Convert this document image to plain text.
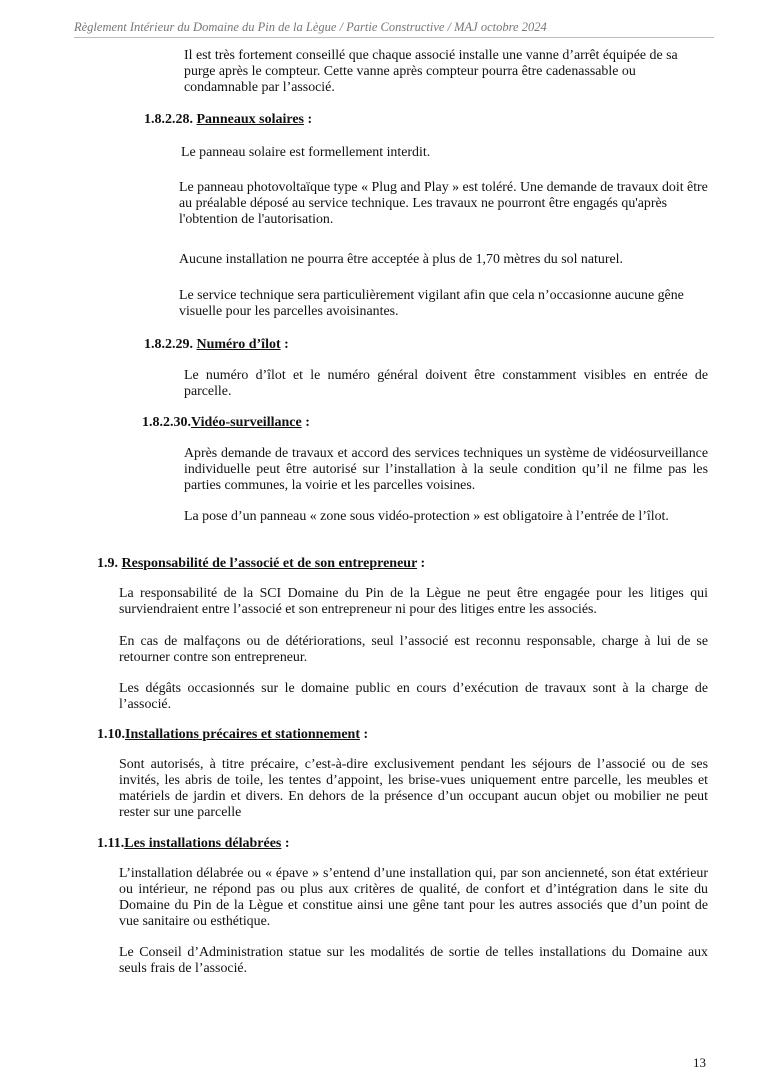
Règlement Intérieur du Domaine du Pin de la Lègue / Partie Constructive / MAJ octobre 2024

Il est très fortement conseillé que chaque associé installe une vanne d’arrêt équipée de sa purge après le compteur. Cette vanne après compteur pourra être cadenassable ou condamnable par l’associé.

1.8.2.28. Panneaux solaires :

Le panneau solaire est formellement interdit.

Le panneau photovoltaïque type « Plug and Play » est toléré. Une demande de travaux doit être au préalable déposé au service technique. Les travaux ne pourront être engagés qu'après l'obtention de l'autorisation.

Aucune installation ne pourra être acceptée à plus de 1,70 mètres du sol naturel.

Le service technique sera particulièrement vigilant afin que cela n’occasionne aucune gêne visuelle pour les parcelles avoisinantes.

1.8.2.29. Numéro d’îlot :

Le numéro d’îlot et le numéro général doivent être constamment visibles en entrée de parcelle.

1.8.2.30.Vidéo-surveillance :

Après demande de travaux et accord des services techniques un système de vidéosurveillance individuelle peut être autorisé sur l’installation à la seule condition qu’il ne filme pas les parties communes, la voirie et les parcelles voisines.

La pose d’un panneau « zone sous vidéo-protection » est obligatoire à l’entrée de l’îlot.

1.9. Responsabilité de l’associé et de son entrepreneur :

La responsabilité de la SCI Domaine du Pin de la Lègue ne peut être engagée pour les litiges qui surviendraient entre l’associé et son entrepreneur ni pour des litiges entre les associés.

En cas de malfaçons ou de détériorations, seul l’associé est reconnu responsable, charge à lui de se retourner contre son entrepreneur.

Les dégâts occasionnés sur le domaine public en cours d’exécution de travaux sont à la charge de l’associé.

1.10.Installations précaires et stationnement :

Sont autorisés, à titre précaire, c’est-à-dire exclusivement pendant les séjours de l’associé ou de ses invités, les abris de toile, les tentes d’appoint, les brise-vues uniquement entre parcelle, les meubles et matériels de jardin et divers. En dehors de la présence d’un occupant aucun objet ou mobilier ne peut rester sur une parcelle

1.11.Les installations délabrées :

L’installation délabrée ou « épave » s’entend d’une installation qui, par son ancienneté, son état extérieur ou intérieur, ne répond pas ou plus aux critères de qualité, de confort et d’intégration dans le site du Domaine du Pin de la Lègue et constitue ainsi une gêne tant pour les autres associés que d’un point de vue sanitaire ou esthétique.

Le Conseil d’Administration statue sur les modalités de sortie de telles installations du Domaine aux seuls frais de l’associé.

13
